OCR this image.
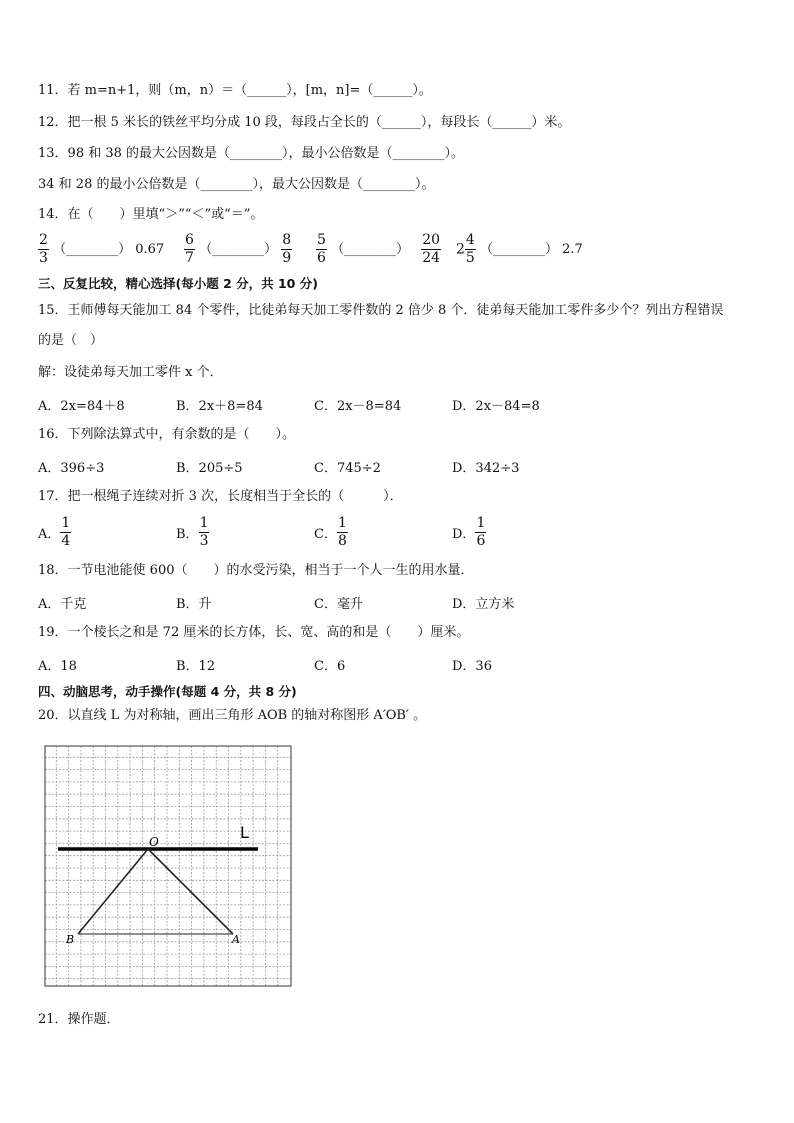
11．若 m=n+1，则（m，n）＝（______），[m，n]=（______）。
12．把一根 5 米长的铁丝平均分成 10 段，每段占全长的（______），每段长（______）米。
13．98 和 38 的最大公因数是（________），最小公倍数是（________）。
34 和 28 的最小公倍数是（________），最大公因数是（________）。
14．在（　　）里填“＞”“＜”或“＝”。
$\frac{2}{3}$ （________） $0.67 \frac{6}{7}$ （________） $\frac{8}{9} \frac{5}{6}$ （________） $\frac{20}{24} 2 \frac{4}{5}$ （________） 2.7
三、反复比较，精心选择(每小题 2 分，共 10 分)
15．王师傅每天能加工 84 个零件，比徒弟每天加工零件数的 2 倍少 8 个．徒弟每天能加工零件多少个？列出方程错误
的是（　）
解：设徒弟每天加工零件 x 个．
A．2x=84＋8	B．2x＋8=84	C．2x－8=84	D．2x－84=8
16．下列除法算式中，有余数的是（　　）。
A．396÷3	B．205÷5	C．745÷2	D．342÷3
17．把一根绳子连续对折 3 次，长度相当于全长的（　　　）．
A． $\frac{1}{4}$	B． $\frac{1}{3}$	C． $\frac{1}{8}$	D． $\frac{1}{6}$
18．一节电池能使 600（　　）的水受污染，相当于一个人一生的用水量．
A．千克	B．升	C．毫升	D．立方米
19．一个棱长之和是 72 厘米的长方体，长、宽、高的和是（　　）厘米。
A．18	B．12	C．6	D．36
四、动脑思考，动手操作(每题 4 分，共 8 分)
20．以直线 L 为对称轴，画出三角形 AOB 的轴对称图形 A′OB′ 。
L
O
A
B
21．操作题．
